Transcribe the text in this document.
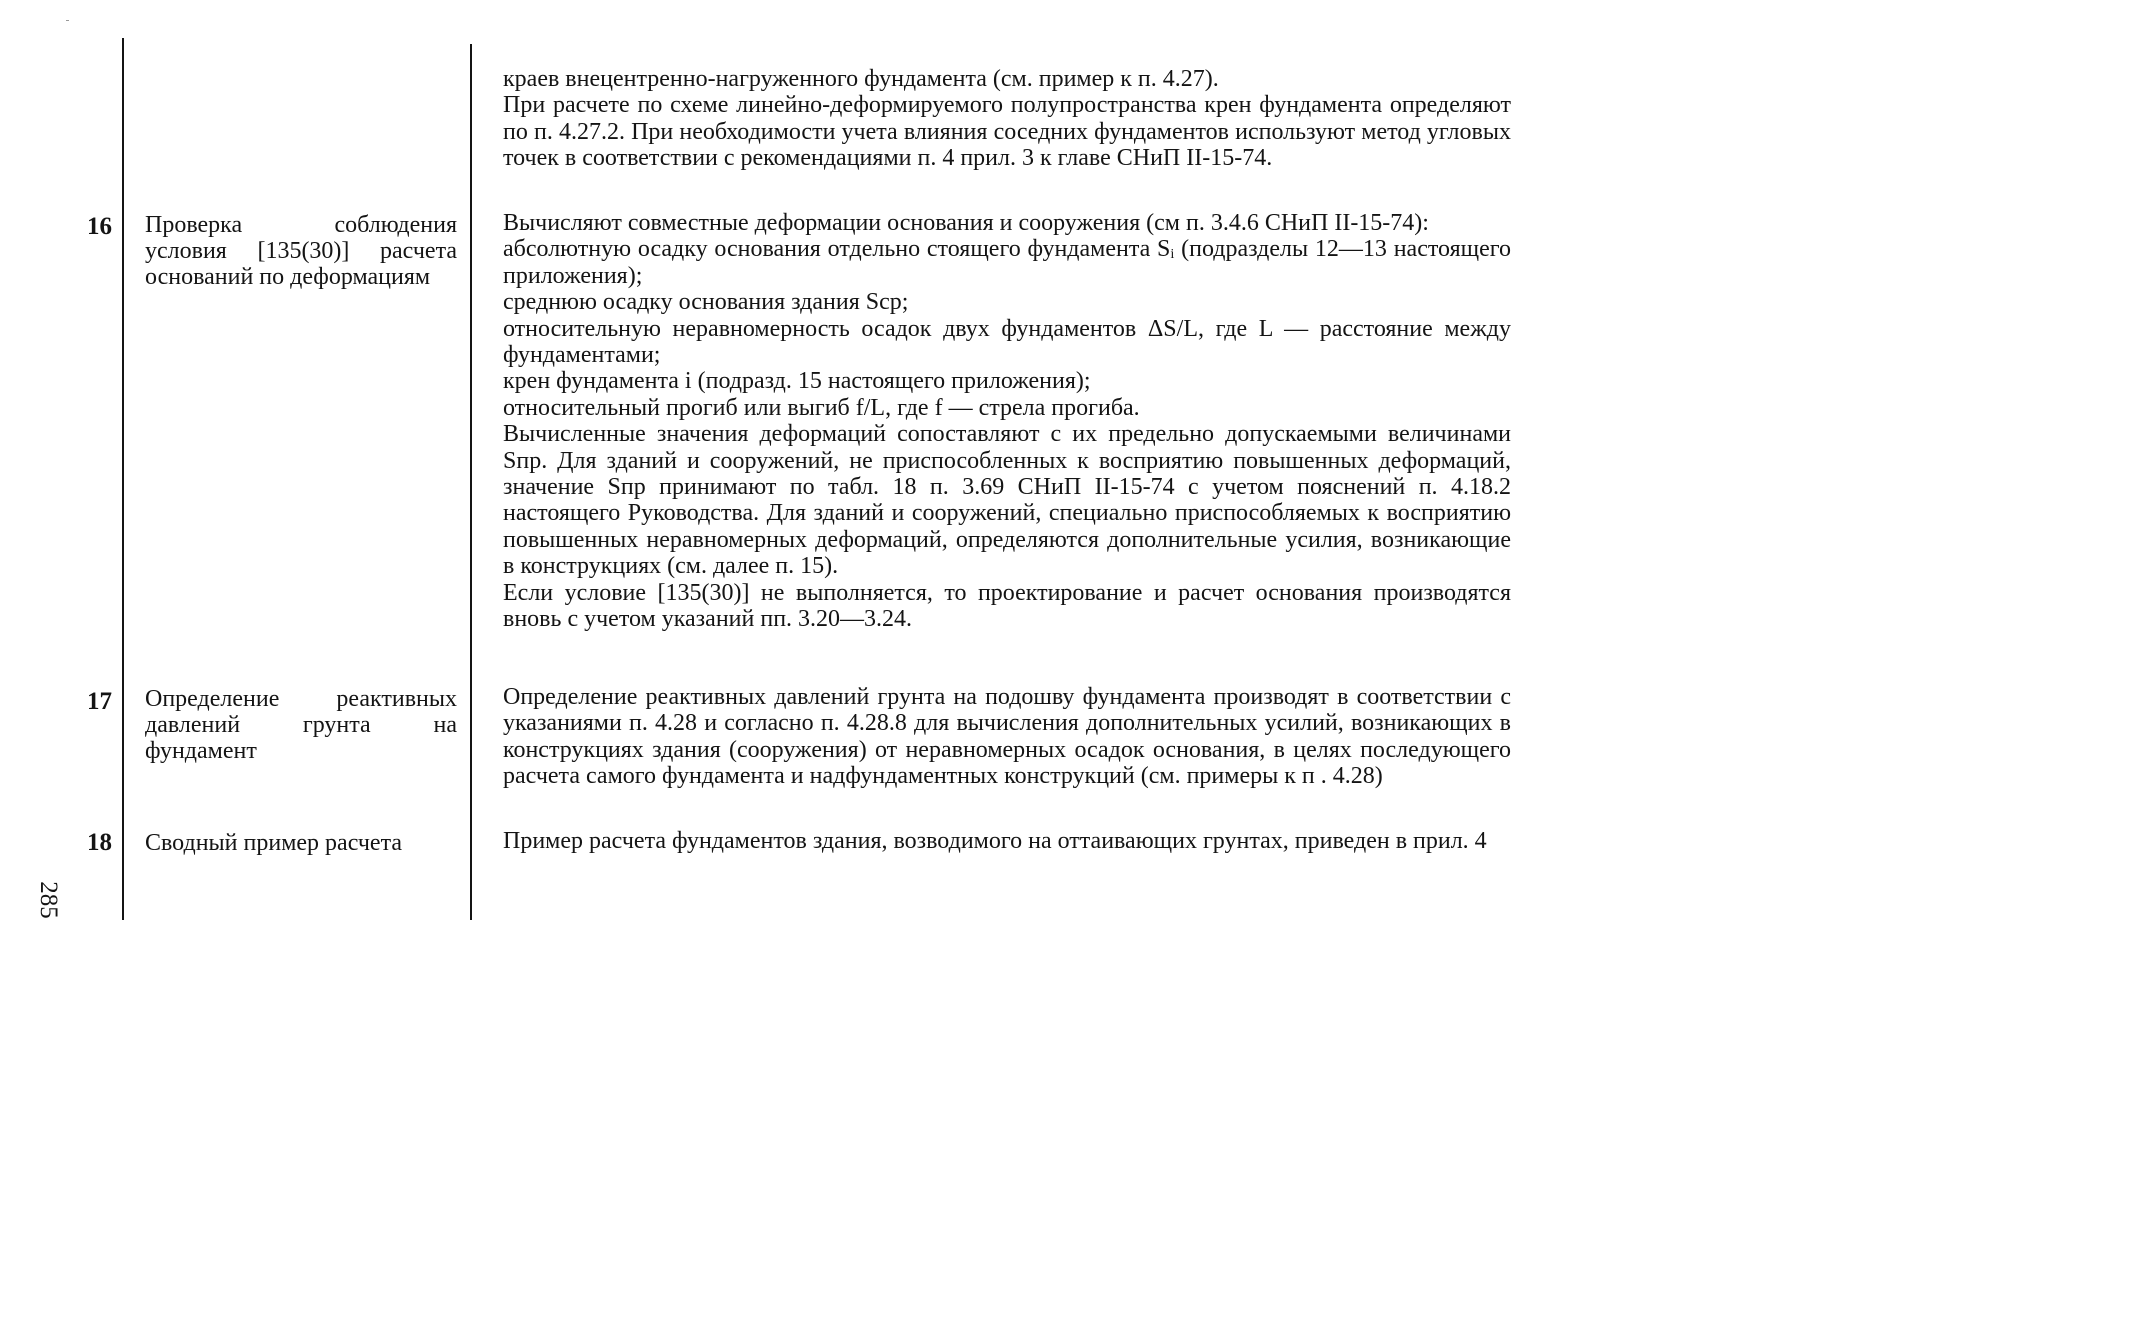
краев внецентренно-нагруженного фундамента (см. пример к п. 4.27).

При расчете по схеме линейно-деформируемого полупространства крен фундамента определяют по п. 4.27.2. При необходимости учета влияния соседних фундаментов используют метод угловых точек в соответствии с рекомендациями п. 4 прил. 3 к главе СНиП II-15-74.

16 Проверка соблюдения условия [135(30)] расчета оснований по деформациям

Вычисляют совместные деформации основания и сооружения (см п. 3.4.6 СНиП II-15-74):

абсолютную осадку основания отдельно стоящего фундамента Sᵢ (подразделы 12—13 настоящего приложения);

среднюю осадку основания здания Sср;

относительную неравномерность осадок двух фундаментов ΔS/L, где L — расстояние между фундаментами;

крен фундамента i (подразд. 15 настоящего приложения);

относительный прогиб или выгиб f/L, где f — стрела прогиба.

Вычисленные значения деформаций сопоставляют с их предельно допускаемыми величинами Sпр. Для зданий и сооружений, не приспособленных к восприятию повышенных деформаций, значение Sпр принимают по табл. 18 п. 3.69 СНиП II-15-74 с учетом пояснений п. 4.18.2 настоящего Руководства. Для зданий и сооружений, специально приспособляемых к восприятию повышенных неравномерных деформаций, определяются дополнительные усилия, возникающие в конструкциях (см. далее п. 15).

Если условие [135(30)] не выполняется, то проектирование и расчет основания производятся вновь с учетом указаний пп. 3.20—3.24.

17 Определение реактивных давлений грунта на фундамент

Определение реактивных давлений грунта на подошву фундамента производят в соответствии с указаниями п. 4.28 и согласно п. 4.28.8 для вычисления дополнительных усилий, возникающих в конструкциях здания (сооружения) от неравномерных осадок основания, в целях последующего расчета самого фундамента и надфундаментных конструкций (см. примеры к п . 4.28)

18 Сводный пример расчета	Пример расчета фундаментов здания, возводимого на оттаивающих грунтах, приведен в прил. 4

285
